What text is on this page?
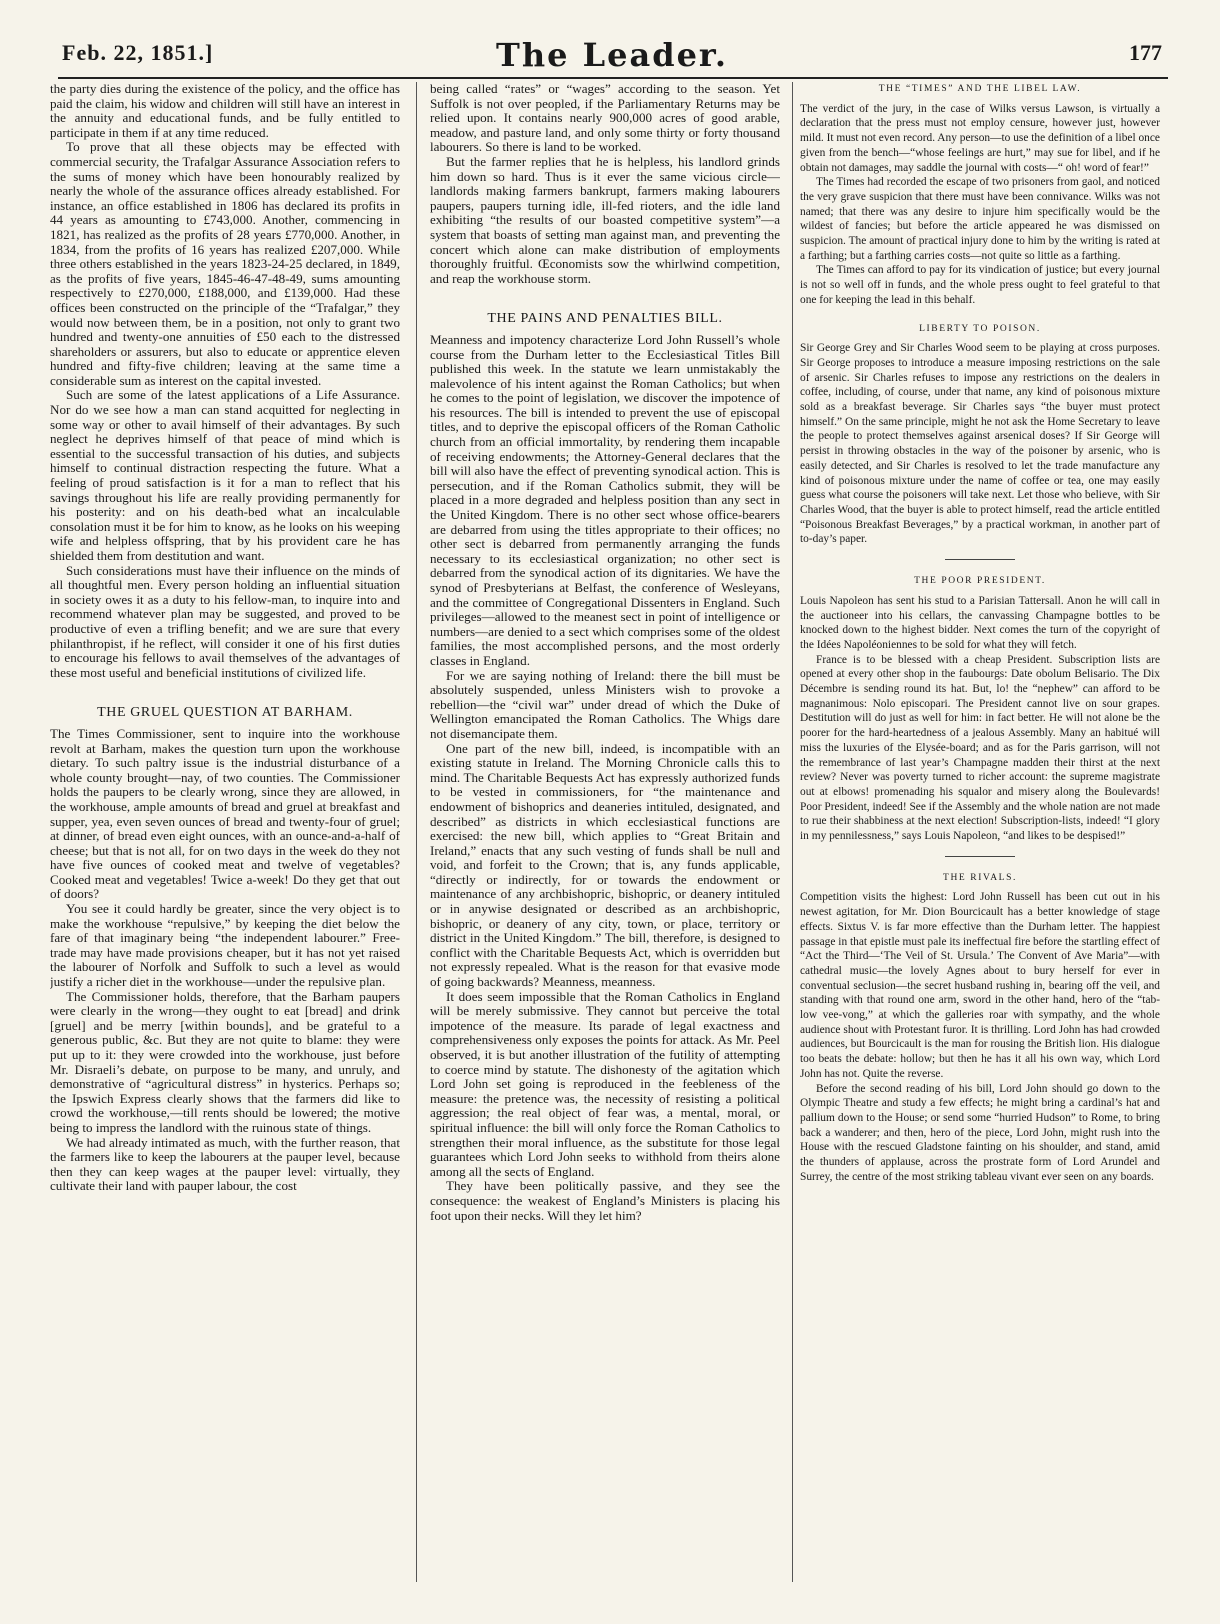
Feb. 22, 1851.]	The Leader.	177

the party dies during the existence of the policy, and the office has paid the claim, his widow and children will still have an interest in the annuity and educational funds, and be fully entitled to participate in them if at any time reduced.

To prove that all these objects may be effected with commercial security, the Trafalgar Assurance Association refers to the sums of money which have been honourably realized by nearly the whole of the assurance offices already established. For instance, an office established in 1806 has declared its profits in 44 years as amounting to £743,000. Another, commencing in 1821, has realized as the profits of 28 years £770,000. Another, in 1834, from the profits of 16 years has realized £207,000. While three others established in the years 1823-24-25 declared, in 1849, as the profits of five years, 1845-46-47-48-49, sums amounting respectively to £270,000, £188,000, and £139,000. Had these offices been constructed on the principle of the “Trafalgar,” they would now between them, be in a position, not only to grant two hundred and twenty-one annuities of £50 each to the distressed shareholders or assurers, but also to educate or apprentice eleven hundred and fifty-five children; leaving at the same time a considerable sum as interest on the capital invested.

Such are some of the latest applications of a Life Assurance. Nor do we see how a man can stand acquitted for neglecting in some way or other to avail himself of their advantages. By such neglect he deprives himself of that peace of mind which is essential to the successful transaction of his duties, and subjects himself to continual distraction respecting the future. What a feeling of proud satisfaction is it for a man to reflect that his savings throughout his life are really providing permanently for his posterity: and on his death-bed what an incalculable consolation must it be for him to know, as he looks on his weeping wife and helpless offspring, that by his provident care he has shielded them from destitution and want.

Such considerations must have their influence on the minds of all thoughtful men. Every person holding an influential situation in society owes it as a duty to his fellow-man, to inquire into and recommend whatever plan may be suggested, and proved to be productive of even a trifling benefit; and we are sure that every philanthropist, if he reflect, will consider it one of his first duties to encourage his fellows to avail themselves of the advantages of these most useful and beneficial institutions of civilized life.

THE GRUEL QUESTION AT BARHAM.

The Times Commissioner, sent to inquire into the workhouse revolt at Barham, makes the question turn upon the workhouse dietary. To such paltry issue is the industrial disturbance of a whole county brought—nay, of two counties. The Commissioner holds the paupers to be clearly wrong, since they are allowed, in the workhouse, ample amounts of bread and gruel at breakfast and supper, yea, even seven ounces of bread and twenty-four of gruel; at dinner, of bread even eight ounces, with an ounce-and-a-half of cheese; but that is not all, for on two days in the week do they not have five ounces of cooked meat and twelve of vegetables? Cooked meat and vegetables! Twice a-week! Do they get that out of doors?

You see it could hardly be greater, since the very object is to make the workhouse “repulsive,” by keeping the diet below the fare of that imaginary being “the independent labourer.” Free-trade may have made provisions cheaper, but it has not yet raised the labourer of Norfolk and Suffolk to such a level as would justify a richer diet in the workhouse—under the repulsive plan.

The Commissioner holds, therefore, that the Barham paupers were clearly in the wrong—they ought to eat [bread] and drink [gruel] and be merry [within bounds], and be grateful to a generous public, &c. But they are not quite to blame: they were put up to it: they were crowded into the workhouse, just before Mr. Disraeli’s debate, on purpose to be many, and unruly, and demonstrative of “agricultural distress” in hysterics. Perhaps so; the Ipswich Express clearly shows that the farmers did like to crowd the workhouse,—till rents should be lowered; the motive being to impress the landlord with the ruinous state of things.

We had already intimated as much, with the further reason, that the farmers like to keep the labourers at the pauper level, because then they can keep wages at the pauper level: virtually, they cultivate their land with pauper labour, the cost

being called “rates” or “wages” according to the season. Yet Suffolk is not over peopled, if the Parliamentary Returns may be relied upon. It contains nearly 900,000 acres of good arable, meadow, and pasture land, and only some thirty or forty thousand labourers. So there is land to be worked.

But the farmer replies that he is helpless, his landlord grinds him down so hard. Thus is it ever the same vicious circle—landlords making farmers bankrupt, farmers making labourers paupers, paupers turning idle, ill-fed rioters, and the idle land exhibiting “the results of our boasted competitive system”—a system that boasts of setting man against man, and preventing the concert which alone can make distribution of employments thoroughly fruitful. Œconomists sow the whirlwind competition, and reap the workhouse storm.

THE PAINS AND PENALTIES BILL.

Meanness and impotency characterize Lord John Russell’s whole course from the Durham letter to the Ecclesiastical Titles Bill published this week. In the statute we learn unmistakably the malevolence of his intent against the Roman Catholics; but when he comes to the point of legislation, we discover the impotence of his resources. The bill is intended to prevent the use of episcopal titles, and to deprive the episcopal officers of the Roman Catholic church from an official immortality, by rendering them incapable of receiving endowments; the Attorney-General declares that the bill will also have the effect of preventing synodical action. This is persecution, and if the Roman Catholics submit, they will be placed in a more degraded and helpless position than any sect in the United Kingdom. There is no other sect whose office-bearers are debarred from using the titles appropriate to their offices; no other sect is debarred from permanently arranging the funds necessary to its ecclesiastical organization; no other sect is debarred from the synodical action of its dignitaries. We have the synod of Presbyterians at Belfast, the conference of Wesleyans, and the committee of Congregational Dissenters in England. Such privileges—allowed to the meanest sect in point of intelligence or numbers—are denied to a sect which comprises some of the oldest families, the most accomplished persons, and the most orderly classes in England.

For we are saying nothing of Ireland: there the bill must be absolutely suspended, unless Ministers wish to provoke a rebellion—the “civil war” under dread of which the Duke of Wellington emancipated the Roman Catholics. The Whigs dare not disemancipate them.

One part of the new bill, indeed, is incompatible with an existing statute in Ireland. The Morning Chronicle calls this to mind. The Charitable Bequests Act has expressly authorized funds to be vested in commissioners, for “the maintenance and endowment of bishoprics and deaneries intituled, designated, and described” as districts in which ecclesiastical functions are exercised: the new bill, which applies to “Great Britain and Ireland,” enacts that any such vesting of funds shall be null and void, and forfeit to the Crown; that is, any funds applicable, “directly or indirectly, for or towards the endowment or maintenance of any archbishopric, bishopric, or deanery intituled or in anywise designated or described as an archbishopric, bishopric, or deanery of any city, town, or place, territory or district in the United Kingdom.” The bill, therefore, is designed to conflict with the Charitable Bequests Act, which is overridden but not expressly repealed. What is the reason for that evasive mode of going backwards? Meanness, meanness.

It does seem impossible that the Roman Catholics in England will be merely submissive. They cannot but perceive the total impotence of the measure. Its parade of legal exactness and comprehensiveness only exposes the points for attack. As Mr. Peel observed, it is but another illustration of the futility of attempting to coerce mind by statute. The dishonesty of the agitation which Lord John set going is reproduced in the feebleness of the measure: the pretence was, the necessity of resisting a political aggression; the real object of fear was, a mental, moral, or spiritual influence: the bill will only force the Roman Catholics to strengthen their moral influence, as the substitute for those legal guarantees which Lord John seeks to withhold from theirs alone among all the sects of England.

They have been politically passive, and they see the consequence: the weakest of England’s Ministers is placing his foot upon their necks. Will they let him?

THE “TIMES” AND THE LIBEL LAW.

The verdict of the jury, in the case of Wilks versus Lawson, is virtually a declaration that the press must not employ censure, however just, however mild. It must not even record. Any person—to use the definition of a libel once given from the bench—“whose feelings are hurt,” may sue for libel, and if he obtain not damages, may saddle the journal with costs—“ oh! word of fear!”

The Times had recorded the escape of two prisoners from gaol, and noticed the very grave suspicion that there must have been connivance. Wilks was not named; that there was any desire to injure him specifically would be the wildest of fancies; but before the article appeared he was dismissed on suspicion. The amount of practical injury done to him by the writing is rated at a farthing; but a farthing carries costs—not quite so little as a farthing.

The Times can afford to pay for its vindication of justice; but every journal is not so well off in funds, and the whole press ought to feel grateful to that one for keeping the lead in this behalf.

LIBERTY TO POISON.

Sir George Grey and Sir Charles Wood seem to be playing at cross purposes. Sir George proposes to introduce a measure imposing restrictions on the sale of arsenic. Sir Charles refuses to impose any restrictions on the dealers in coffee, including, of course, under that name, any kind of poisonous mixture sold as a breakfast beverage. Sir Charles says “the buyer must protect himself.” On the same principle, might he not ask the Home Secretary to leave the people to protect themselves against arsenical doses? If Sir George will persist in throwing obstacles in the way of the poisoner by arsenic, who is easily detected, and Sir Charles is resolved to let the trade manufacture any kind of poisonous mixture under the name of coffee or tea, one may easily guess what course the poisoners will take next. Let those who believe, with Sir Charles Wood, that the buyer is able to protect himself, read the article entitled “Poisonous Breakfast Beverages,” by a practical workman, in another part of to-day’s paper.

THE POOR PRESIDENT.

Louis Napoleon has sent his stud to a Parisian Tattersall. Anon he will call in the auctioneer into his cellars, the canvassing Champagne bottles to be knocked down to the highest bidder. Next comes the turn of the copyright of the Idées Napoléoniennes to be sold for what they will fetch.

France is to be blessed with a cheap President. Subscription lists are opened at every other shop in the faubourgs: Date obolum Belisario. The Dix Décembre is sending round its hat. But, lo! the “nephew” can afford to be magnanimous: Nolo episcopari. The President cannot live on sour grapes. Destitution will do just as well for him: in fact better. He will not alone be the poorer for the hard-heartedness of a jealous Assembly. Many an habitué will miss the luxuries of the Elysée-board; and as for the Paris garrison, will not the remembrance of last year’s Champagne madden their thirst at the next review? Never was poverty turned to richer account: the supreme magistrate out at elbows! promenading his squalor and misery along the Boulevards! Poor President, indeed! See if the Assembly and the whole nation are not made to rue their shabbiness at the next election! Subscription-lists, indeed! “I glory in my pennilessness,” says Louis Napoleon, “and likes to be despised!”

THE RIVALS.

Competition visits the highest: Lord John Russell has been cut out in his newest agitation, for Mr. Dion Bourcicault has a better knowledge of stage effects. Sixtus V. is far more effective than the Durham letter. The happiest passage in that epistle must pale its ineffectual fire before the startling effect of “Act the Third—‘The Veil of St. Ursula.’ The Convent of Ave Maria”—with cathedral music—the lovely Agnes about to bury herself for ever in conventual seclusion—the secret husband rushing in, bearing off the veil, and standing with that round one arm, sword in the other hand, hero of the “tab-low vee-vong,” at which the galleries roar with sympathy, and the whole audience shout with Protestant furor. It is thrilling. Lord John has had crowded audiences, but Bourcicault is the man for rousing the British lion. His dialogue too beats the debate: hollow; but then he has it all his own way, which Lord John has not. Quite the reverse.

Before the second reading of his bill, Lord John should go down to the Olympic Theatre and study a few effects; he might bring a cardinal’s hat and pallium down to the House; or send some “hurried Hudson” to Rome, to bring back a wanderer; and then, hero of the piece, Lord John, might rush into the House with the rescued Gladstone fainting on his shoulder, and stand, amid the thunders of applause, across the prostrate form of Lord Arundel and Surrey, the centre of the most striking tableau vivant ever seen on any boards.
